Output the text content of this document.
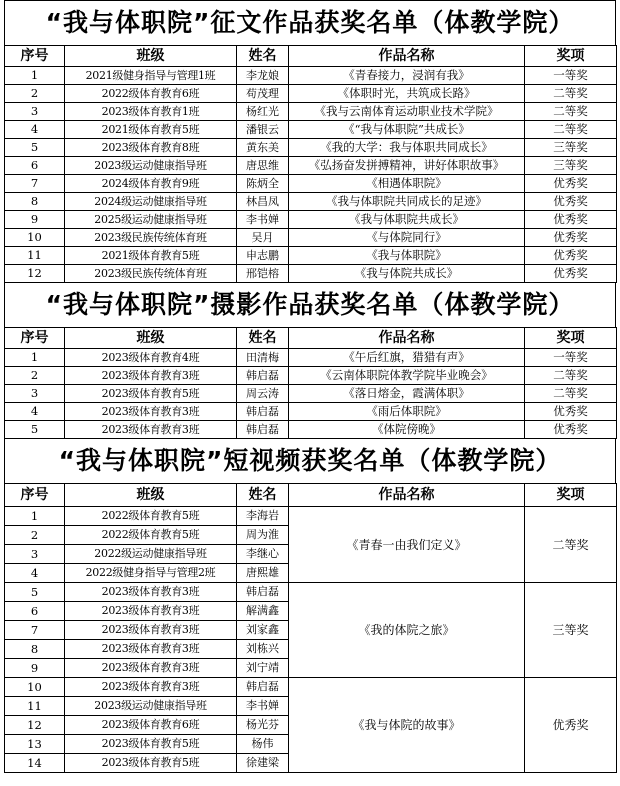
“我与体职院”征文作品获奖名单（体教学院）
序号	班级	姓名	作品名称	奖项
1	2021级健身指导与管理1班	李龙娘	《青春接力，浸润有我》	一等奖
2	2022级体育教育6班	苟茂理	《体职时光，共筑成长路》	二等奖
3	2023级体育教育1班	杨红光	《我与云南体育运动职业技术学院》	二等奖
4	2021级体育教育5班	潘银云	《“我与体职院”共成长》	二等奖
5	2023级体育教育8班	黄东美	《我的大学：我与体职共同成长》	三等奖
6	2023级运动健康指导班	唐思维	《弘扬奋发拼搏精神，讲好体职故事》	三等奖
7	2024级体育教育9班	陈炳全	《相遇体职院》	优秀奖
8	2024级运动健康指导班	林昌凤	《我与体职院共同成长的足迹》	优秀奖
9	2025级运动健康指导班	李书婵	《我与体职院共成长》	优秀奖
10	2023级民族传统体育班	吴月	《与体院同行》	优秀奖
11	2021级体育教育5班	申志鹏	《我与体职院》	优秀奖
12	2023级民族传统体育班	邢铠榕	《我与体院共成长》	优秀奖
“我与体职院”摄影作品获奖名单（体教学院）
序号	班级	姓名	作品名称	奖项
1	2023级体育教育4班	田清梅	《午后红旗，猎猎有声》	一等奖
2	2023级体育教育3班	韩启磊	《云南体职院体教学院毕业晚会》	二等奖
3	2023级体育教育5班	周云涛	《落日熔金，霞满体职》	二等奖
4	2023级体育教育3班	韩启磊	《雨后体职院》	优秀奖
5	2023级体育教育3班	韩启磊	《体院傍晚》	优秀奖
“我与体职院”短视频获奖名单（体教学院）
序号	班级	姓名	作品名称	奖项
1	2022级体育教育5班	李海岩	《青春一由我们定义》	二等奖
2	2022级体育教育5班	周为淮		
3	2022级运动健康指导班	李继心		
4	2022级健身指导与管理2班	唐熙雄		
5	2023级体育教育3班	韩启磊	《我的体院之旅》	三等奖
6	2023级体育教育3班	解满鑫		
7	2023级体育教育3班	刘家鑫		
8	2023级体育教育3班	刘栋兴		
9	2023级体育教育3班	刘宁靖		
10	2023级体育教育3班	韩启磊	《我与体院的故事》	优秀奖
11	2023级运动健康指导班	李书婵		
12	2023级体育教育6班	杨光芬		
13	2023级体育教育5班	杨伟		
14	2023级体育教育5班	徐建梁		
